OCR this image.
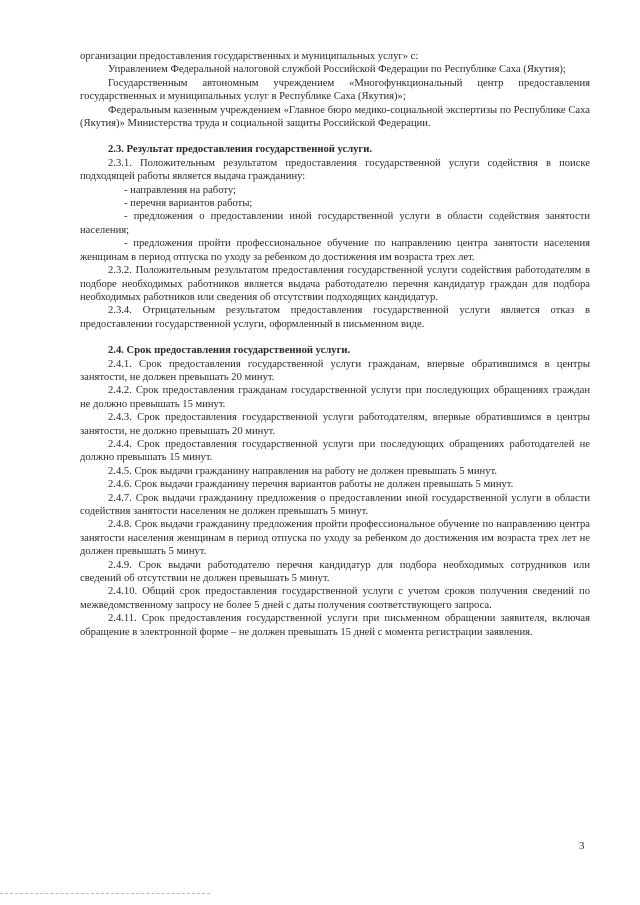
организации предоставления государственных и муниципальных услуг» с:

Управлением Федеральной налоговой службой Российской Федерации по Республике Саха (Якутия);

Государственным автономным учреждением «Многофункциональный центр предоставления государственных и муниципальных услуг в Республике Саха (Якутия)»;

Федеральным казенным учреждением «Главное бюро медико-социальной экспертизы по Республике Саха (Якутия)» Министерства труда и социальной защиты Российской Федерации.

2.3. Результат предоставления государственной услуги.

2.3.1. Положительным результатом предоставления государственной услуги содействия в поиске подходящей работы является выдача гражданину:

- направления на работу;

- перечня вариантов работы;

- предложения о предоставлении иной государственной услуги в области содействия занятости населения;

- предложения пройти профессиональное обучение по направлению центра занятости населения женщинам в период отпуска по уходу за ребенком до достижения им возраста трех лет.

2.3.2. Положительным результатом предоставления государственной услуги содействия работодателям в подборе необходимых работников является выдача работодателю перечня кандидатур граждан для подбора необходимых работников или сведения об отсутствии подходящих кандидатур.

2.3.4. Отрицательным результатом предоставления государственной услуги является отказ в предоставлении государственной услуги, оформленный в письменном виде.

2.4. Срок предоставления государственной услуги.

2.4.1. Срок предоставления государственной услуги гражданам, впервые обратившимся в центры занятости, не должен превышать 20 минут.

2.4.2. Срок предоставления гражданам государственной услуги при последующих обращениях граждан не должно превышать 15 минут.

2.4.3. Срок предоставления государственной услуги работодателям, впервые обратившимся в центры занятости, не должно превышать 20 минут.

2.4.4. Срок предоставления государственной услуги при последующих обращениях работодателей не должно превышать 15 минут.

2.4.5. Срок выдачи гражданину направления на работу не должен превышать 5 минут.

2.4.6. Срок выдачи гражданину перечня вариантов работы не должен превышать 5 минут.

2.4.7. Срок выдачи гражданину предложения о предоставлении иной государственной услуги в области содействия занятости населения не должен превышать 5 минут.

2.4.8. Срок выдачи гражданину предложения пройти профессиональное обучение по направлению центра занятости населения женщинам в период отпуска по уходу за ребенком до достижения им возраста трех лет не должен превышать 5 минут.

2.4.9. Срок выдачи работодателю перечня кандидатур для подбора необходимых сотрудников или сведений об отсутствии не должен превышать 5 минут.

2.4.10. Общий срок предоставления государственной услуги с учетом сроков получения сведений по межведомственному запросу не более 5 дней с даты получения соответствующего запроса.

2.4.11. Срок предоставления государственной услуги при письменном обращении заявителя, включая обращение в электронной форме – не должен превышать 15 дней с момента регистрации заявления.

3
